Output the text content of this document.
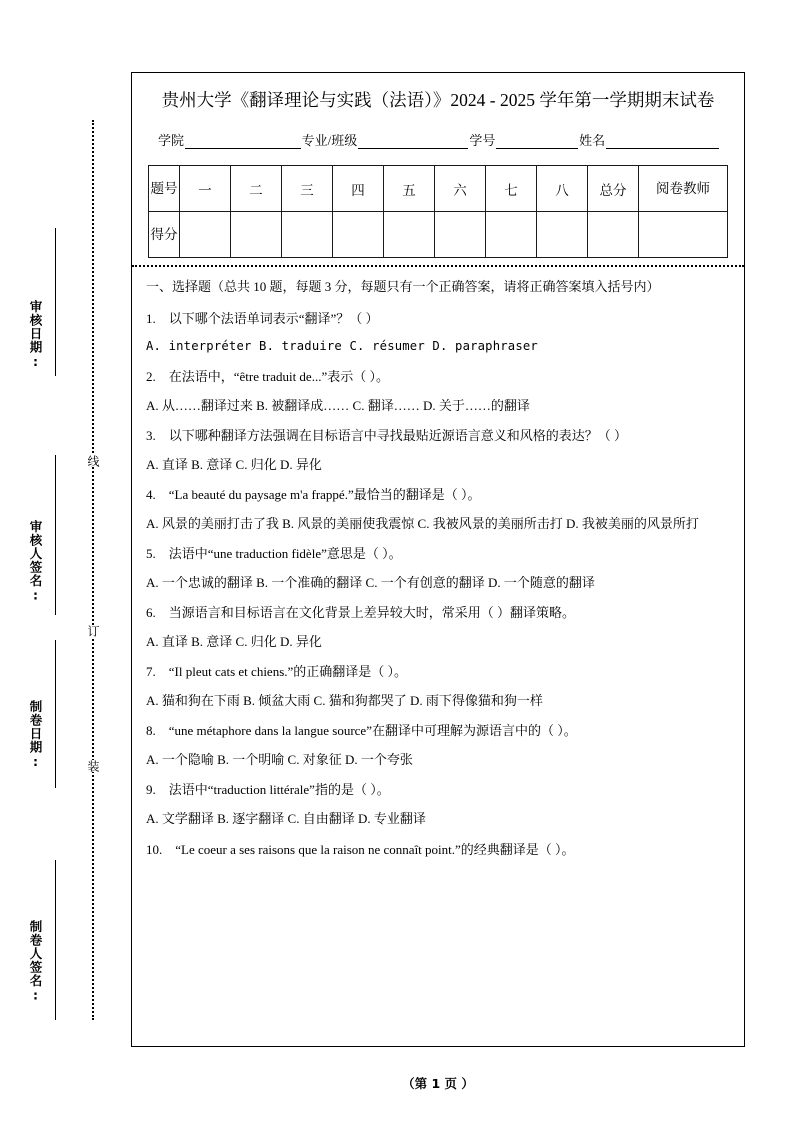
审核日期:
审核人签名:
制卷日期:
制卷人签名:
线
订
装
贵州大学《翻译理论与实践（法语）》2024 - 2025 学年第一学期期末试卷
学院	专业/班级	学号	姓名
题号	一	二	三	四	五	六	七	八	总分	阅卷教师
得分										
一、选择题（总共 10 题，每题 3 分，每题只有一个正确答案，请将正确答案填入括号内）
1. 以下哪个法语单词表示“翻译”？（ ）
A. interpréter B. traduire C. résumer D. paraphraser
2. 在法语中，“être traduit de...”表示（ ）。
A. 从……翻译过来 B. 被翻译成…… C. 翻译…… D. 关于……的翻译
3. 以下哪种翻译方法强调在目标语言中寻找最贴近源语言意义和风格的表达？（ ）
A. 直译 B. 意译 C. 归化 D. 异化
4. “La beauté du paysage m'a frappé.”最恰当的翻译是（ ）。
A. 风景的美丽打击了我 B. 风景的美丽使我震惊 C. 我被风景的美丽所击打 D. 我被美丽的风景所打
5. 法语中“une traduction fidèle”意思是（ ）。
A. 一个忠诚的翻译 B. 一个准确的翻译 C. 一个有创意的翻译 D. 一个随意的翻译
6. 当源语言和目标语言在文化背景上差异较大时，常采用（ ）翻译策略。
A. 直译 B. 意译 C. 归化 D. 异化
7. “Il pleut cats et chiens.”的正确翻译是（ ）。
A. 猫和狗在下雨 B. 倾盆大雨 C. 猫和狗都哭了 D. 雨下得像猫和狗一样
8. “une métaphore dans la langue source”在翻译中可理解为源语言中的（ ）。
A. 一个隐喻 B. 一个明喻 C. 对象征 D. 一个夸张
9. 法语中“traduction littérale”指的是（ ）。
A. 文学翻译 B. 逐字翻译 C. 自由翻译 D. 专业翻译
10. “Le coeur a ses raisons que la raison ne connaît point.”的经典翻译是（ ）。
（第 1 页 ）
